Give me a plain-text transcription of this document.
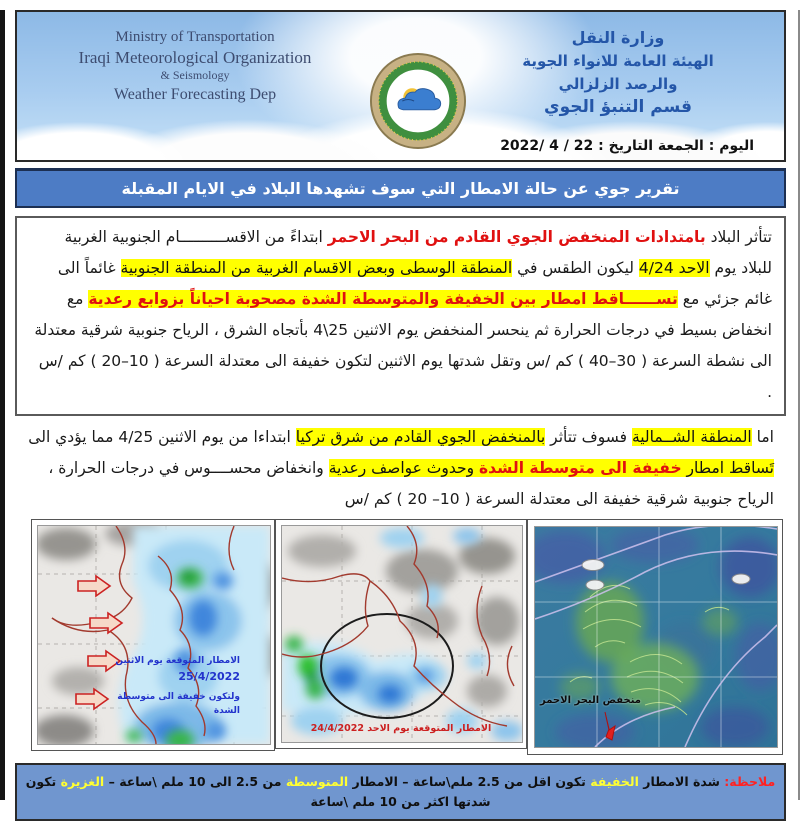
Ministry of Transportation
Iraqi Meteorological Organization
& Seismology
Weather Forecasting Dep
وزارة النقل
الهيئة العامة للانواء الجوية
والرصد الزلزالي
قسم التنبؤ الجوي
اليوم : الجمعة التاريخ : 22 / 4 /2022
تقرير جوي عن حالة الامطار التي سوف تشهدها البلاد في الايام المقبلة
تتأثر البلاد بامتدادات المنخفض الجوي القادم من البحر الاحمر ابتداءً من الاقســــــــــام الجنوبية الغربية للبلاد يوم الاحد 4/24 ليكون الطقس في المنطقة الوسطى وبعض الاقسام الغربية من المنطقة الجنوبية غائماً الى غائم جزئي مع تســــــاقط امطار بين الخفيفة والمتوسطة الشدة مصحوبة احياناً بزوابع رعدية مع انخفاض بسيط في درجات الحرارة ثم ينحسر المنخفض يوم الاثنين 25\4 بأتجاه الشرق ، الرياح جنوبية شرقية معتدلة الى نشطة السرعة ( 30–40 ) كم /س وتقل شدتها يوم الاثنين لتكون خفيفة الى معتدلة السرعة ( 10–20 ) كم /س .
اما المنطقة الشــمالية فسوف تتأثر بالمنخفض الجوي القادم من شرق تركيا ابتداءا من يوم الاثنين 4/25 مما يؤدي الى تَساقط امطار خفيفة الى متوسطة الشدة وحدوث عواصف رعدية وانخفاض محســــوس في درجات الحرارة ، الرياح جنوبية شرقية خفيفة الى معتدلة السرعة ( 10– 20 ) كم /س
الامطار المتوقعة يوم الاثنين
25/4/2022
ولتكون خفيفة الى متوسطة الشدة
الامطار المتوقعة يوم الاحد 24/4/2022
منخفض البحر الاحمر
ملاحظة: شدة الامطار الخفيفة تكون اقل من 2.5 ملم\ساعة – الامطار المتوسطة من 2.5 الى 10 ملم \ساعة – الغزيرة تكون شدتها اكثر من 10 ملم \ساعة
